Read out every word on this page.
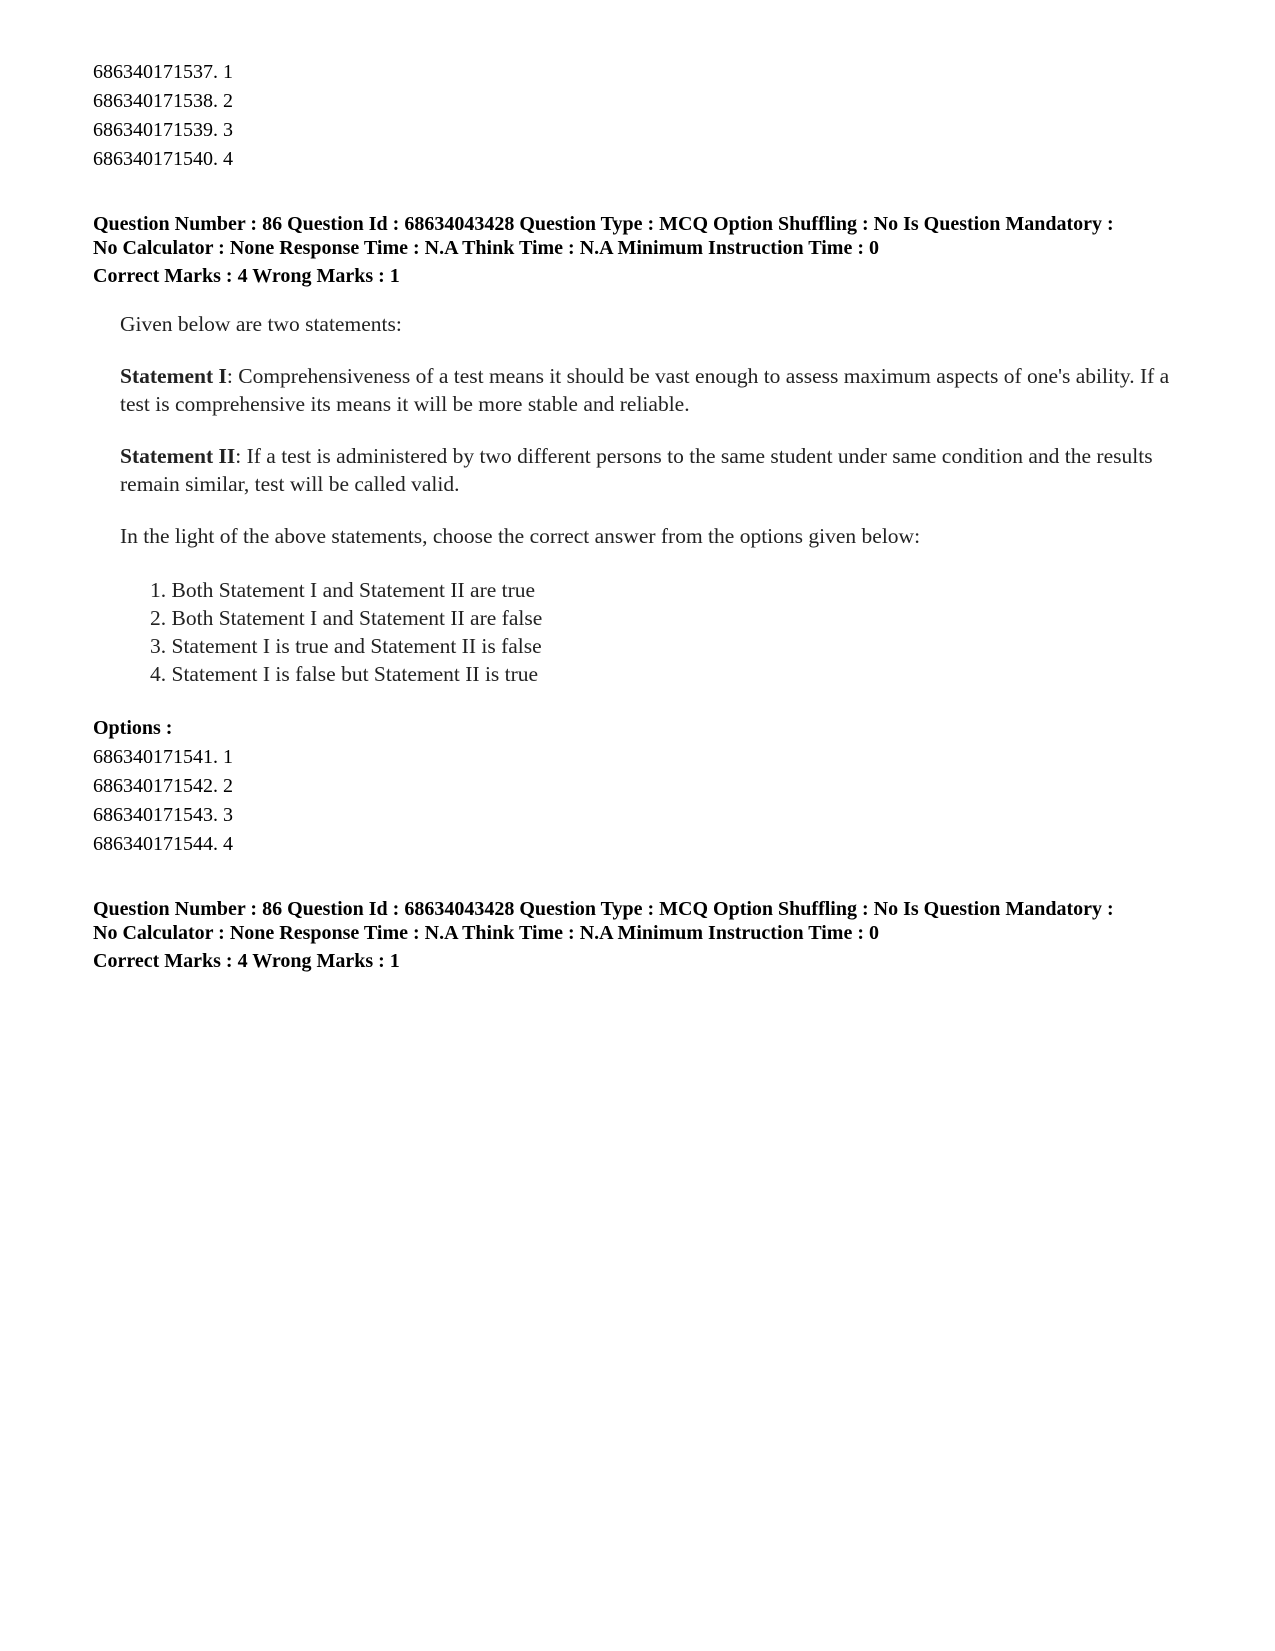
686340171537. 1

686340171538. 2

686340171539. 3

686340171540. 4

Question Number : 86 Question Id : 68634043428 Question Type : MCQ Option Shuffling : No Is Question Mandatory :

No Calculator : None Response Time : N.A Think Time : N.A Minimum Instruction Time : 0

Correct Marks : 4 Wrong Marks : 1

Given below are two statements:

Statement I: Comprehensiveness of a test means it should be vast enough to assess maximum aspects of one's ability. If a test is comprehensive its means it will be more stable and reliable.

Statement II: If a test is administered by two different persons to the same student under same condition and the results remain similar, test will be called valid.

In the light of the above statements, choose the correct answer from the options given below:

1. Both Statement I and Statement II are true

2. Both Statement I and Statement II are false

3. Statement I is true and Statement II is false

4. Statement I is false but Statement II is true

Options :

686340171541. 1

686340171542. 2

686340171543. 3

686340171544. 4

Question Number : 86 Question Id : 68634043428 Question Type : MCQ Option Shuffling : No Is Question Mandatory :

No Calculator : None Response Time : N.A Think Time : N.A Minimum Instruction Time : 0

Correct Marks : 4 Wrong Marks : 1
